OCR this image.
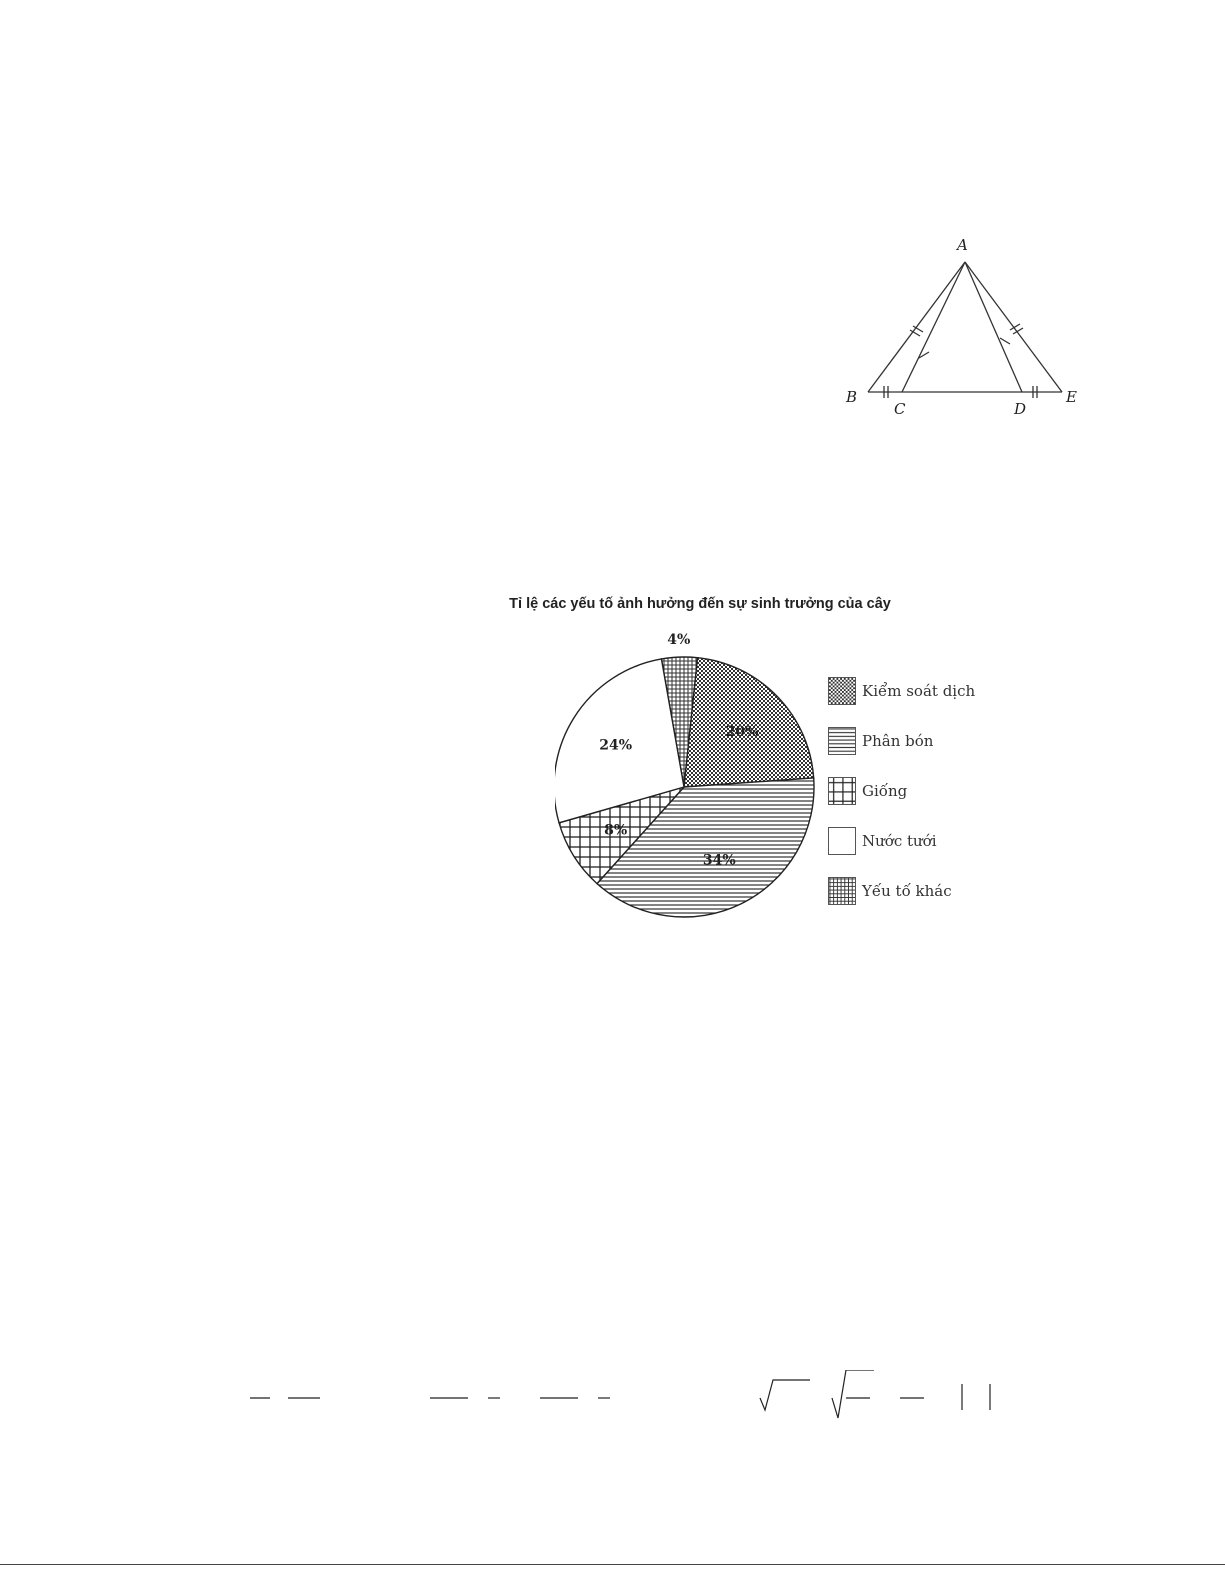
A
B
C	D
E
Tỉ lệ các yếu tố ảnh hưởng đến sự sinh trưởng của cây
4%
20%
34%
8%
24%
Kiểm soát dịch
Phân bón
Giống
Nước tưới
Yếu tố khác
